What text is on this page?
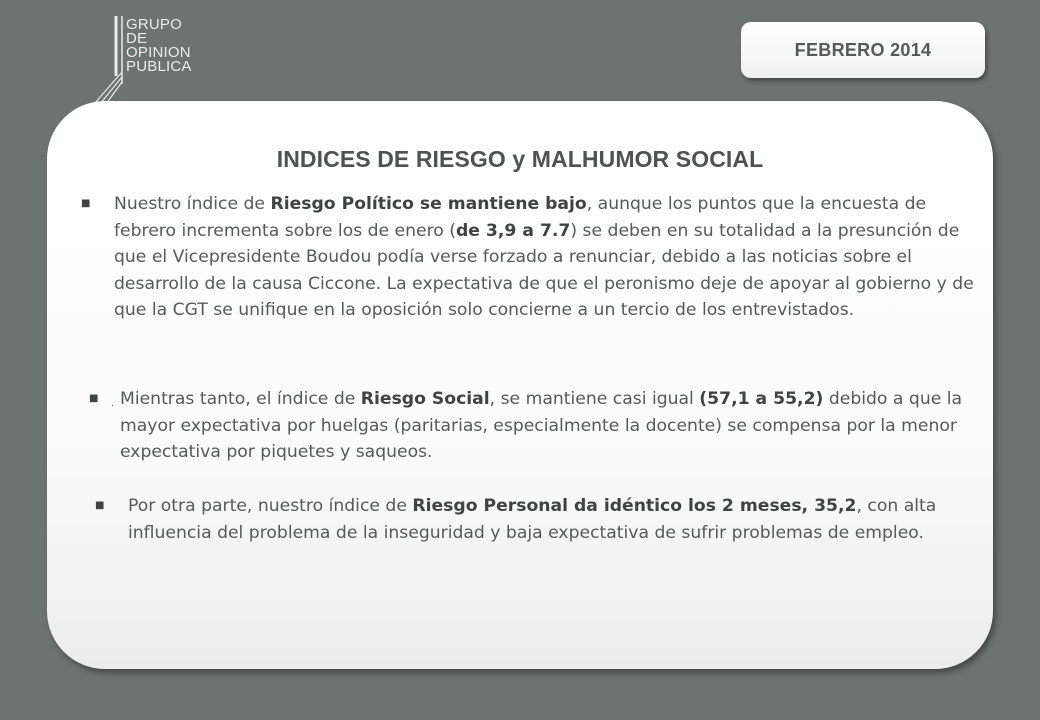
GRUPO
DE
OPINION
PUBLICA
FEBRERO 2014
INDICES DE RIESGO y MALHUMOR SOCIAL
■ Nuestro índice de Riesgo Político se mantiene bajo, aunque los puntos que la encuesta de febrero incrementa sobre los de enero (de 3,9 a 7.7) se deben en su totalidad a la presunción de que el Vicepresidente Boudou podía verse forzado a renunciar, debido a las noticias sobre el desarrollo de la causa Ciccone. La expectativa de que el peronismo deje de apoyar al gobierno y de que la CGT se unifique en la oposición solo concierne a un tercio de los entrevistados.
■ . Mientras tanto, el índice de Riesgo Social, se mantiene casi igual (57,1 a 55,2) debido a que la mayor expectativa por huelgas (paritarias, especialmente la docente) se compensa por la menor expectativa por piquetes y saqueos.
■ Por otra parte, nuestro índice de Riesgo Personal da idéntico los 2 meses, 35,2, con alta influencia del problema de la inseguridad y baja expectativa de sufrir problemas de empleo.
